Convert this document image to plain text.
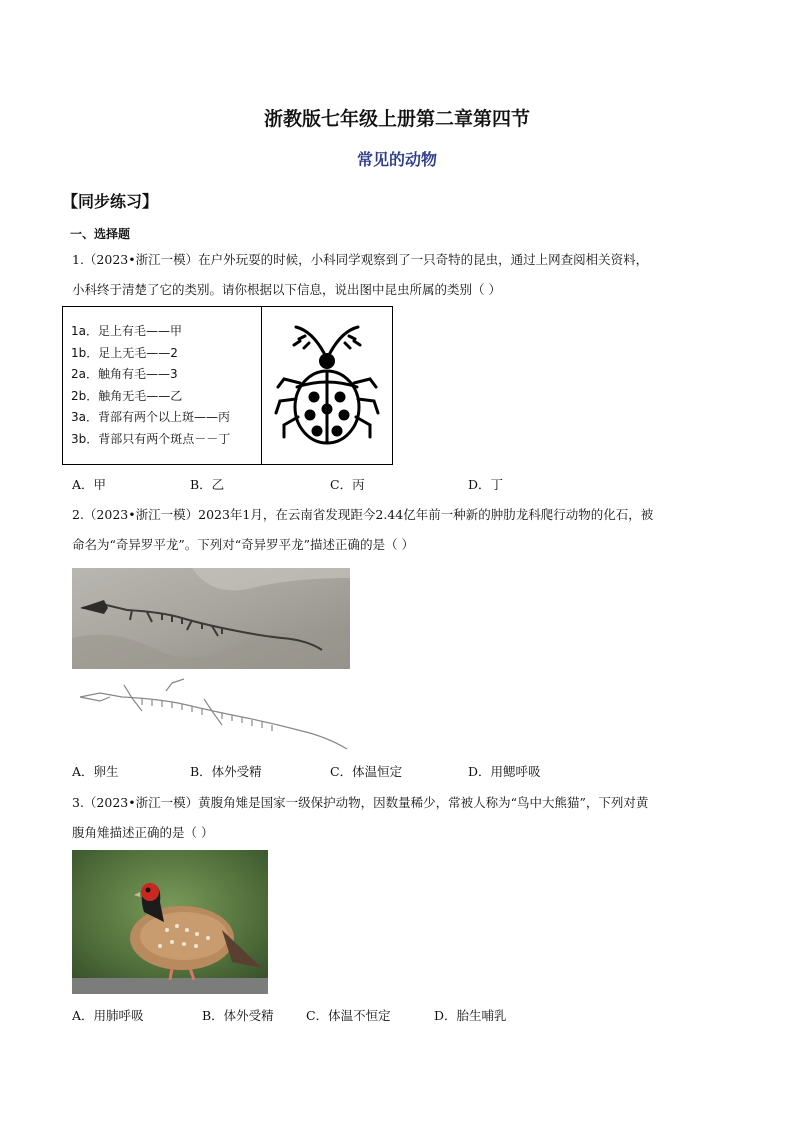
浙教版七年级上册第二章第四节
常见的动物
【同步练习】
一、选择题
1.（2023•浙江一模）在户外玩耍的时候，小科同学观察到了一只奇特的昆虫，通过上网查阅相关资料，
小科终于清楚了它的类别。请你根据以下信息，说出图中昆虫所属的类别（ ）
1a．足上有毛——甲
1b．足上无毛——2
2a．触角有毛——3
2b．触角无毛——乙
3a．背部有两个以上斑——丙
3b．背部只有两个斑点－－丁
A．甲	B．乙	C．丙	D．丁
2.（2023•浙江一模）2023年1月，在云南省发现距今2.44亿年前一种新的肿肋龙科爬行动物的化石，被
命名为“奇异罗平龙”。下列对“奇异罗平龙”描述正确的是（ ）
A．卵生	B．体外受精	C．体温恒定	D．用鳃呼吸
3.（2023•浙江一模）黄腹角雉是国家一级保护动物，因数量稀少，常被人称为“鸟中大熊猫”，下列对黄
腹角雉描述正确的是（ ）
A．用肺呼吸	B．体外受精	C．体温不恒定	D．胎生哺乳
